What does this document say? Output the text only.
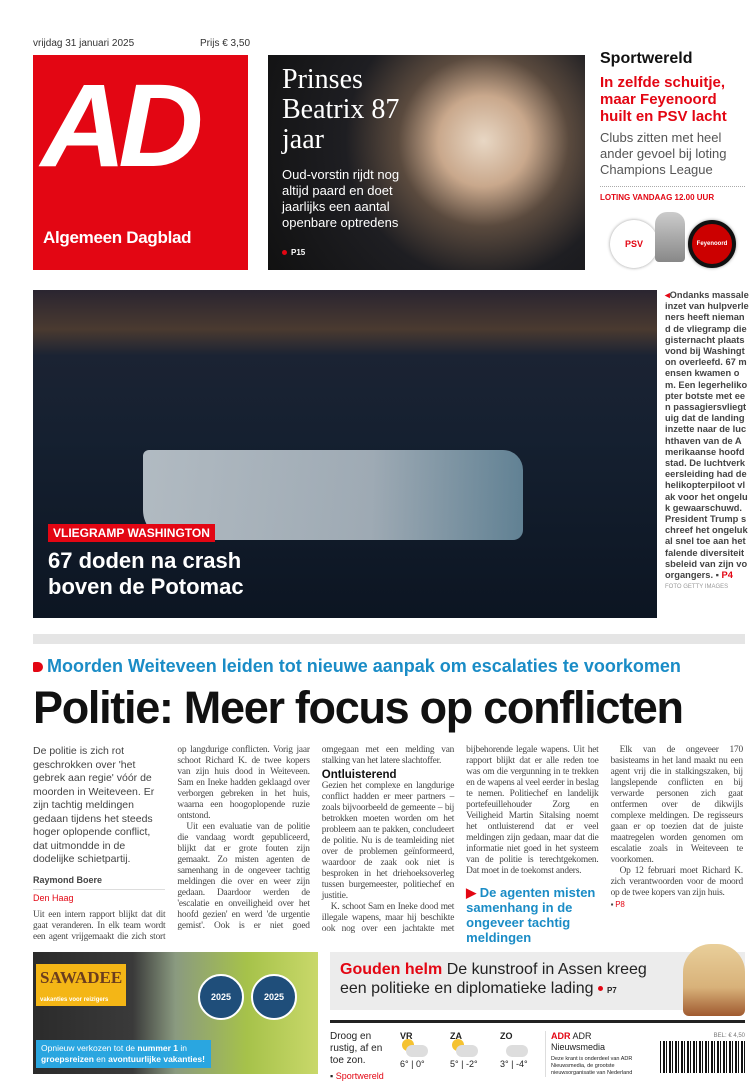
vrijdag 31 januari 2025	Prijs € 3,50
AD
Algemeen Dagblad
Prinses Beatrix 87 jaar
Oud-vorstin rijdt nog altijd paard en doet jaarlijks een aantal openbare optredens
P15
Sportwereld
In zelfde schuitje, maar Feyenoord huilt en PSV lacht
Clubs zitten met heel ander gevoel bij loting Champions League
LOTING VANDAAG 12.00 UUR
PSV	Feyenoord
VLIEGRAMP WASHINGTON
67 doden na crash boven de Potomac
◂Ondanks massale inzet van hulpverleners heeft niemand de vliegramp die gisternacht plaatsvond bij Washington overleefd. 67 mensen kwamen om. Een legerhelikopter botste met een passagiersvliegtuig dat de landing inzette naar de luchthaven van de Amerikaanse hoofdstad. De luchtverkeersleiding had de helikopterpiloot vlak voor het ongeluk gewaarschuwd. President Trump schreef het ongeluk al snel toe aan het falende diversiteitsbeleid van zijn voorgangers. ▪ P4
FOTO GETTY IMAGES
Moorden Weiteveen leiden tot nieuwe aanpak om escalaties te voorkomen
Politie: Meer focus op conflicten
De politie is zich rot geschrokken over 'het gebrek aan regie' vóór de moorden in Weiteveen. Er zijn tachtig meldingen gedaan tijdens het steeds hoger oplopende conflict, dat uitmondde in de dodelijke schietpartij.
Raymond Boere
Den Haag

Uit een intern rapport blijkt dat dit gaat veranderen. In elk team wordt een agent vrijgemaakt die zich stort op langdurige conflicten. Vorig jaar schoot Richard K. de twee kopers van zijn huis dood in Weiteveen. Sam en Ineke hadden geklaagd over verborgen gebreken in het huis, waarna een hoogoplopende ruzie ontstond.

Uit een evaluatie van de politie die vandaag wordt gepubliceerd, blijkt dat er grote fouten zijn gemaakt. Zo misten agenten de samenhang in de ongeveer tachtig meldingen die over en weer zijn gedaan. Daardoor werden de 'escalatie en onveiligheid over het hoofd gezien' en werd 'de urgentie gemist'. Ook is er niet goed omgegaan met een melding van stalking van het latere slachtoffer.

Ontluisterend

Gezien het complexe en langdurige conflict hadden er meer partners – zoals bijvoorbeeld de gemeente – bij betrokken moeten worden om het probleem aan te pakken, concludeert de politie. Nu is de teamleiding niet over de problemen geïnformeerd, waardoor de zaak ook niet is besproken in het driehoeksoverleg tussen burgemeester, politiechef en justitie.

K. schoot Sam en Ineke dood met illegale wapens, maar hij beschikte ook nog over een jachtakte met bijbehorende legale wapens. Uit het rapport blijkt dat er alle reden toe was om die vergunning in te trekken en de wapens al veel eerder in beslag te nemen. Politiechef en landelijk portefeuillehouder Zorg en Veiligheid Martin Sitalsing noemt het ontluisterend dat er veel meldingen zijn gedaan, maar dat die informatie niet goed in het systeem van de politie is terechtgekomen. Dat moet in de toekomst anders.

▶ De agenten misten samenhang in de ongeveer tachtig meldingen

Elk van de ongeveer 170 basisteams in het land maakt nu een agent vrij die in stalkingszaken, bij langslepende conflicten en bij verwarde personen zich gaat ontfermen over de dikwijls complexe meldingen. De regisseurs gaan er op toezien dat de juiste maatregelen worden genomen om escalatie zoals in Weiteveen te voorkomen.

Op 12 februari moet Richard K. zich verantwoorden voor de moord op de twee kopers van zijn huis.

▪ P8
SAWADEE
vakanties voor reizigers	2025	2025
Opnieuw verkozen tot de nummer 1 in groepsreizen en avontuurlijke vakanties!
Gouden helm De kunstroof in Assen kreeg een politieke en diplomatieke lading P7
Droog en rustig, af en toe zon.
▪ Sportwereld
VR
6° | 0°
ZA
5° | -2°
ZO
3° | -4°
ADR ADR Nieuwsmedia
Deze krant is onderdeel van ADR Nieuwsmedia, de grootste nieuwsorganisatie van Nederland
BEL: € 4,50
